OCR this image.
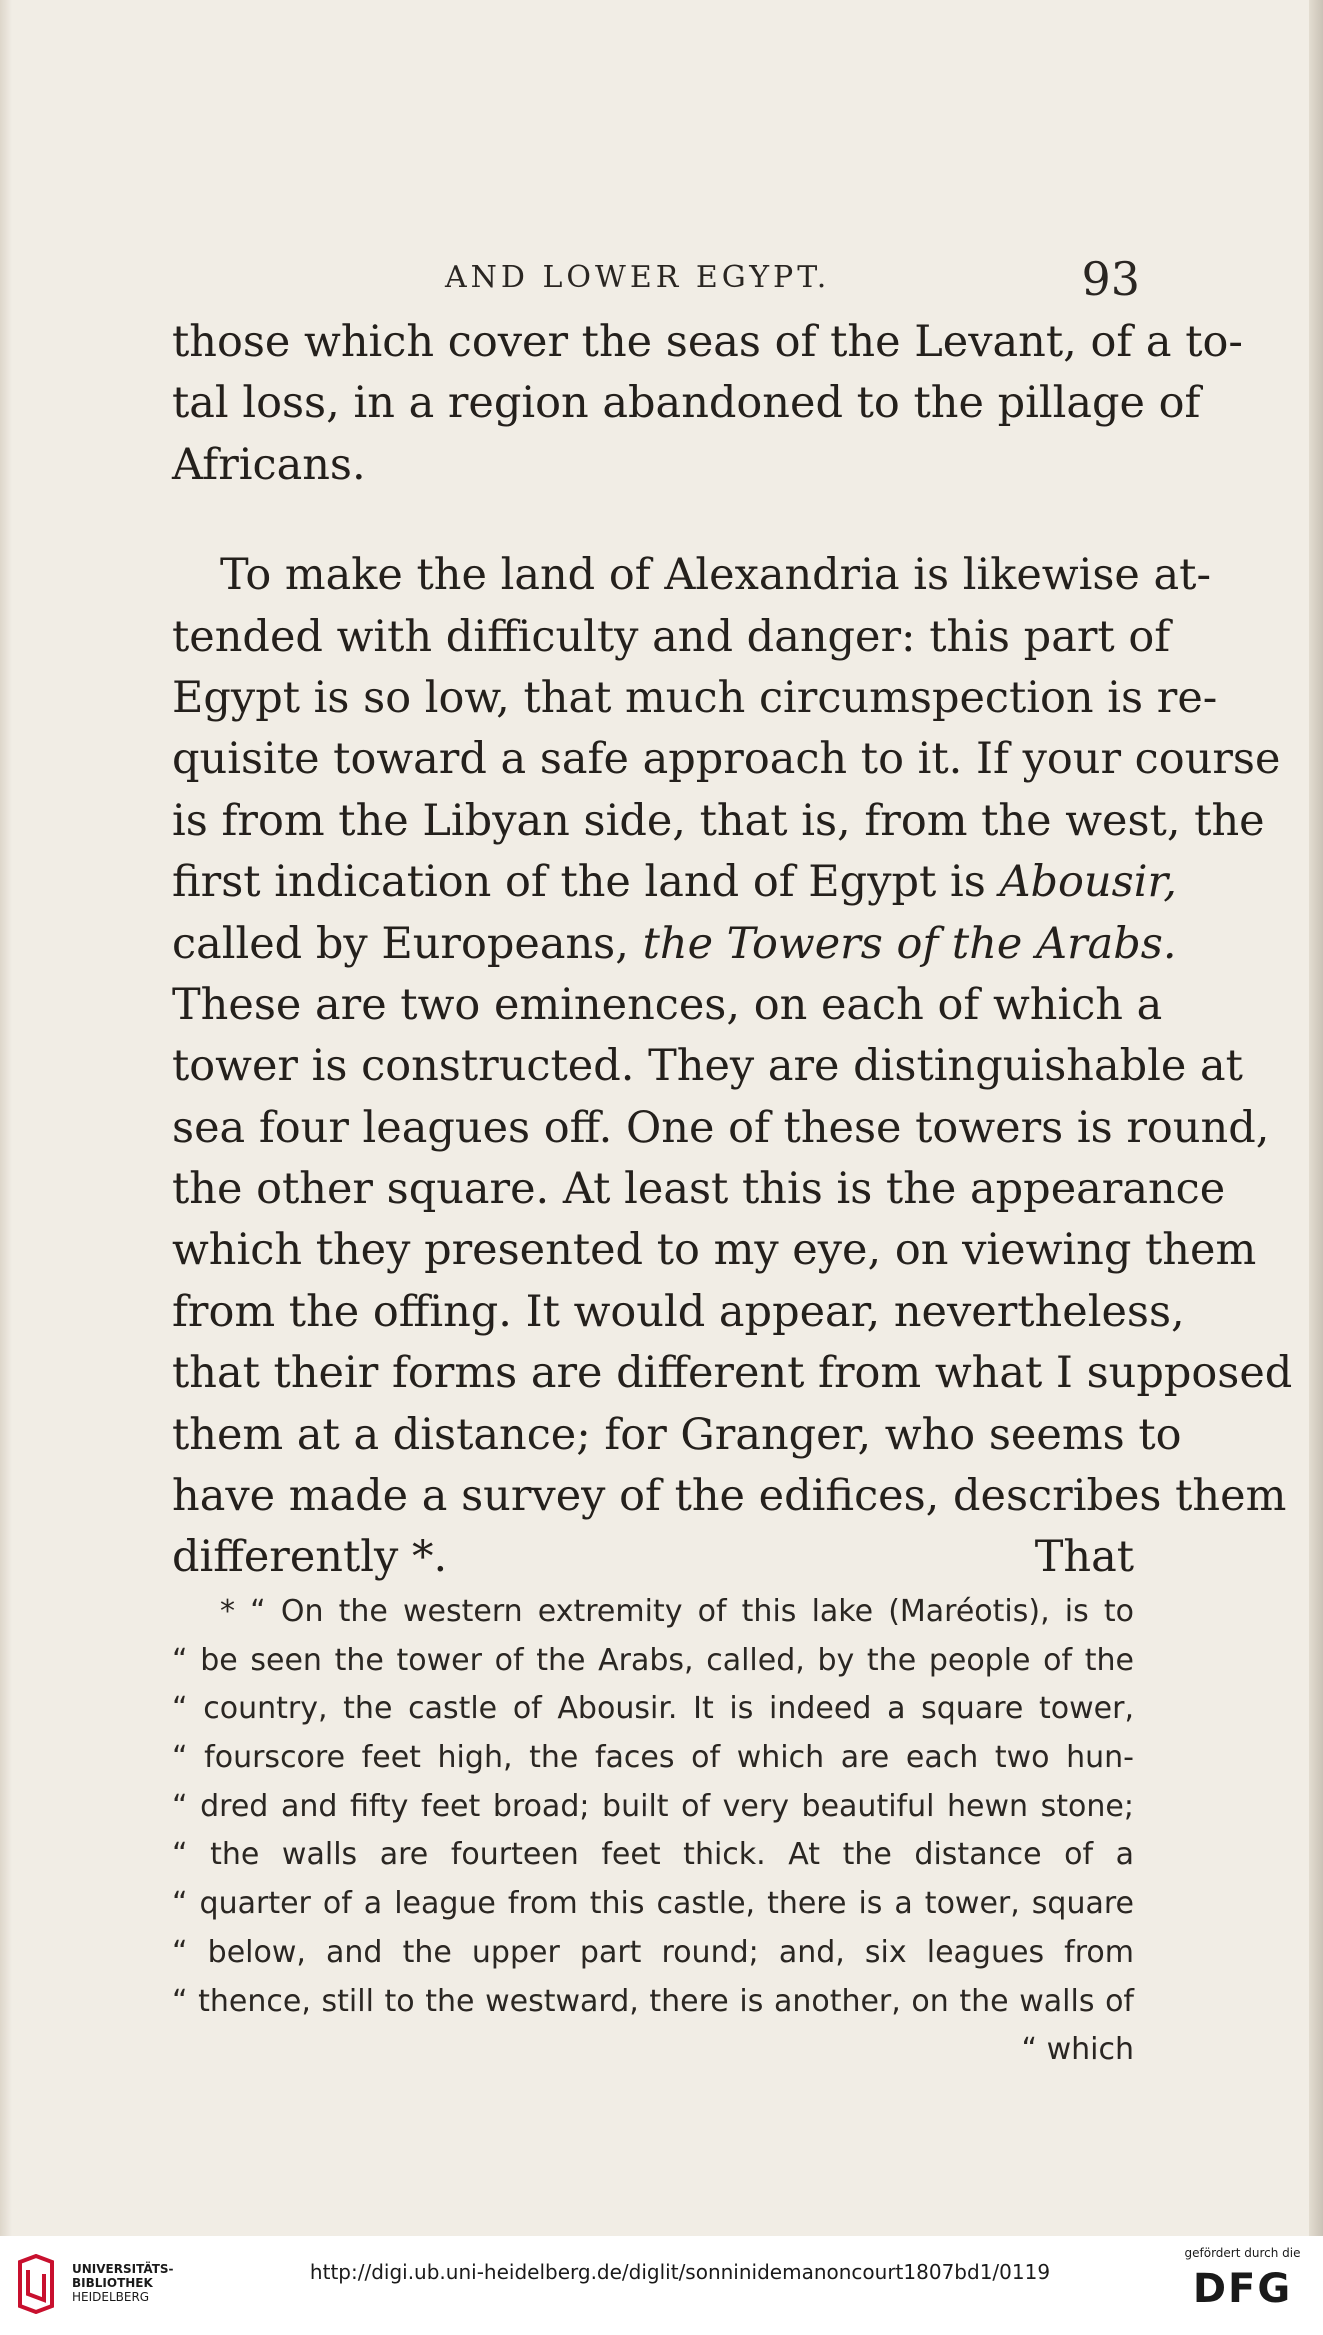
AND LOWER EGYPT.	93
those which cover the seas of the Levant, of a to-
tal loss, in a region abandoned to the pillage of
Africans.
To make the land of Alexandria is likewise at-
tended with difficulty and danger: this part of
Egypt is so low, that much circumspection is re-
quisite toward a safe approach to it. If your course
is from the Libyan side, that is, from the west, the
first indication of the land of Egypt is Abousir,
called by Europeans, the Towers of the Arabs.
These are two eminences, on each of which a
tower is constructed. They are distinguishable at
sea four leagues off. One of these towers is round,
the other square. At least this is the appearance
which they presented to my eye, on viewing them
from the offing. It would appear, nevertheless,
that their forms are different from what I supposed
them at a distance; for Granger, who seems to
have made a survey of the edifices, describes them
differently *.	That
* “ On the western extremity of this lake (Maréotis), is to
“ be seen the tower of the Arabs, called, by the people of the
“ country, the castle of Abousir. It is indeed a square tower,
“ fourscore feet high, the faces of which are each two hun-
“ dred and fifty feet broad; built of very beautiful hewn stone;
“ the walls are fourteen feet thick. At the distance of a
“ quarter of a league from this castle, there is a tower, square
“ below, and the upper part round; and, six leagues from
“ thence, still to the westward, there is another, on the walls of
“ which
UNIVERSITÄTS-
BIBLIOTHEK
HEIDELBERG
http://digi.ub.uni-heidelberg.de/diglit/sonninidemanoncourt1807bd1/0119
gefördert durch die
DFG
